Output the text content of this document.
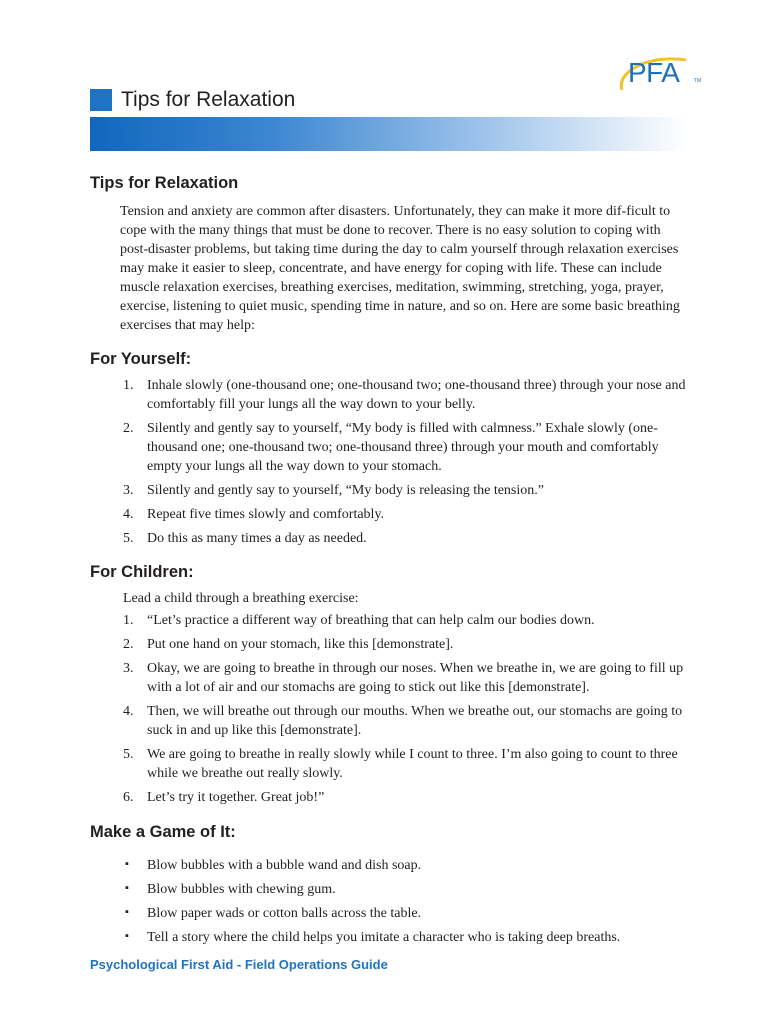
PFA	TM
Tips for Relaxation
Tips for Relaxation

Tension and anxiety are common after disasters. Unfortunately, they can make it more dif-ficult to cope with the many things that must be done to recover. There is no easy solution to coping with post-disaster problems, but taking time during the day to calm yourself through relaxation exercises may make it easier to sleep, concentrate, and have energy for coping with life. These can include muscle relaxation exercises, breathing exercises, meditation, swimming, stretching, yoga, prayer, exercise, listening to quiet music, spending time in nature, and so on. Here are some basic breathing exercises that may help:

For Yourself:
1. Inhale slowly (one-thousand one; one-thousand two; one-thousand three) through your nose and comfortably fill your lungs all the way down to your belly.
2. Silently and gently say to yourself, “My body is filled with calmness.” Exhale slowly (one-thousand one; one-thousand two; one-thousand three) through your mouth and comfortably empty your lungs all the way down to your stomach.
3. Silently and gently say to yourself, “My body is releasing the tension.”
4. Repeat five times slowly and comfortably.
5. Do this as many times a day as needed.
For Children:

Lead a child through a breathing exercise:

1. “Let’s practice a different way of breathing that can help calm our bodies down.
2. Put one hand on your stomach, like this [demonstrate].
3. Okay, we are going to breathe in through our noses. When we breathe in, we are going to fill up with a lot of air and our stomachs are going to stick out like this [demonstrate].
4. Then, we will breathe out through our mouths. When we breathe out, our stomachs are going to suck in and up like this [demonstrate].
5. We are going to breathe in really slowly while I count to three. I’m also going to count to three while we breathe out really slowly.
6. Let’s try it together. Great job!”
Make a Game of It:
▪ Blow bubbles with a bubble wand and dish soap.
▪ Blow bubbles with chewing gum.
▪ Blow paper wads or cotton balls across the table.
▪ Tell a story where the child helps you imitate a character who is taking deep breaths.

Psychological First Aid - Field Operations Guide
